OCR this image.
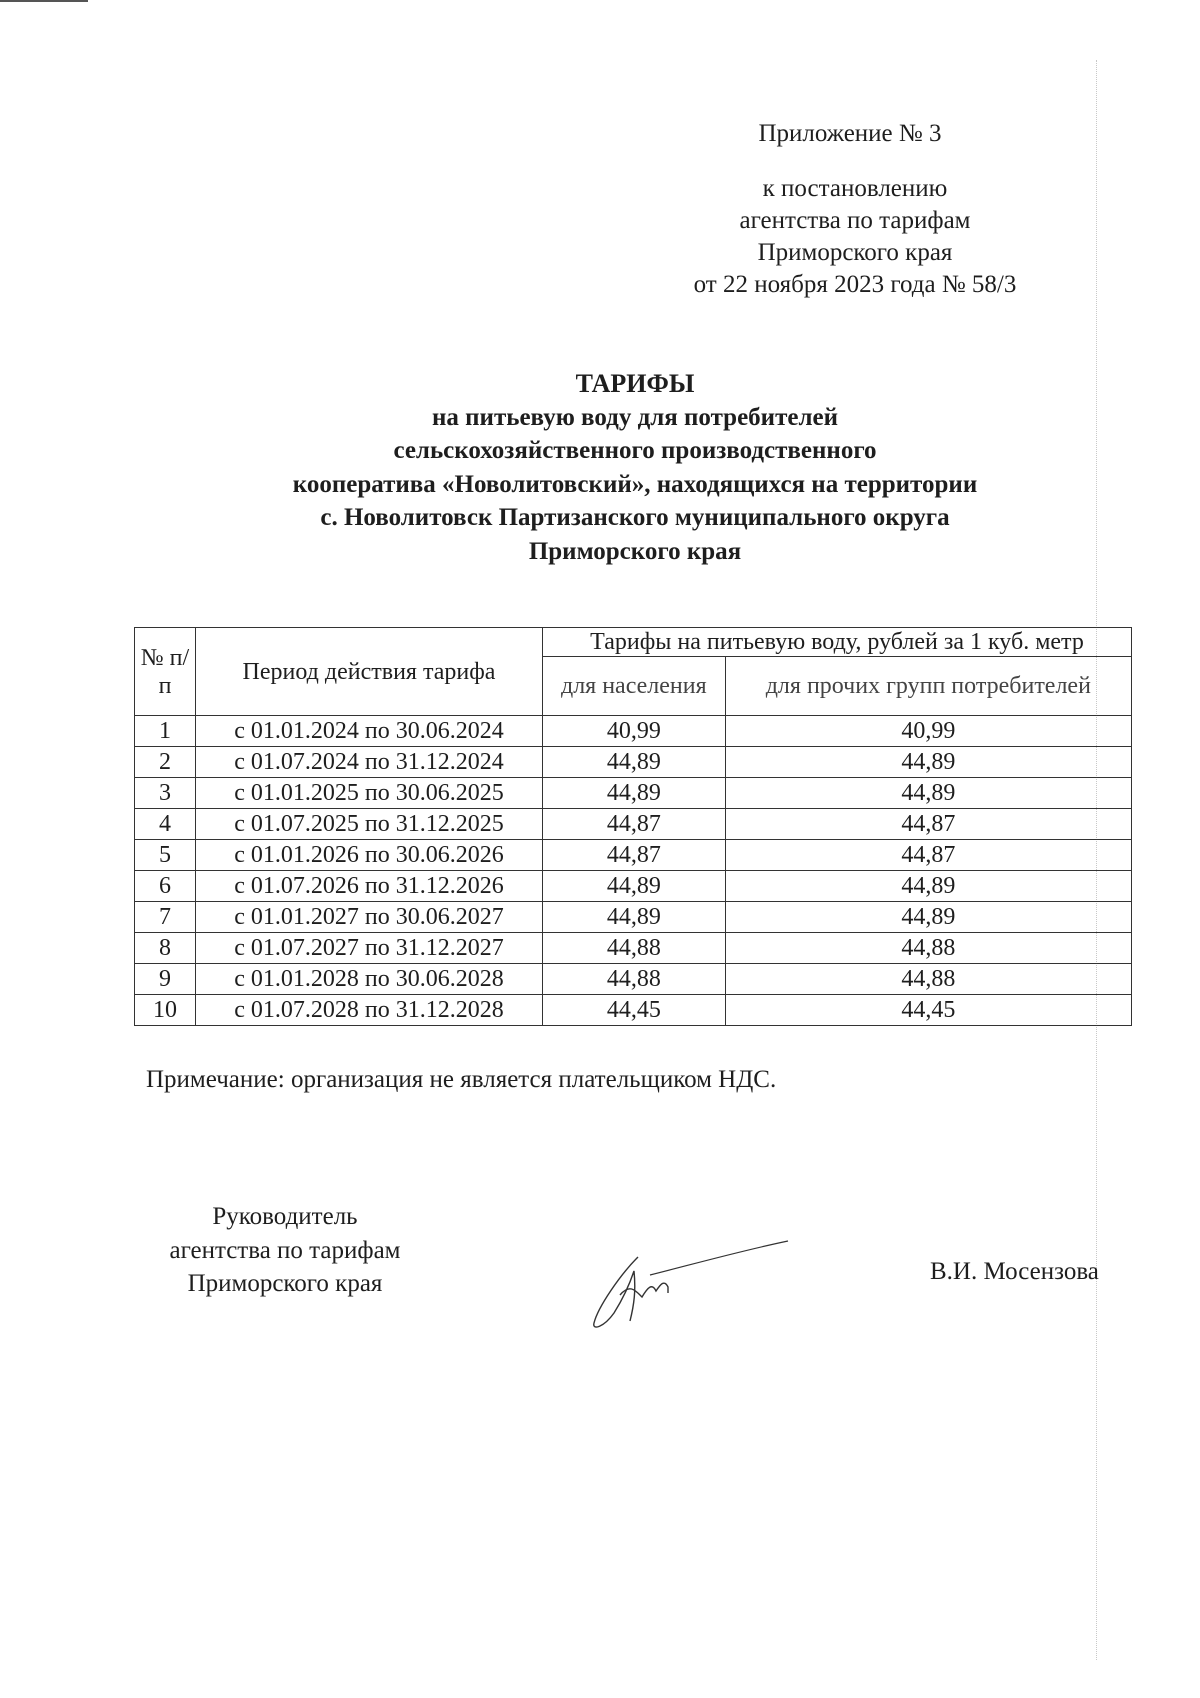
Приложение № 3
к постановлению
агентства по тарифам
Приморского края
от 22 ноября 2023 года № 58/3
ТАРИФЫ
на питьевую воду для потребителей
сельскохозяйственного производственного
кооператива «Новолитовский», находящихся на территории
с. Новолитовск Партизанского муниципального округа
Приморского края
№ п/п	Период действия тарифа	Тарифы на питьевую воду, рублей за 1 куб. метр	
		для населения	для прочих групп потребителей
1	с 01.01.2024 по 30.06.2024	40,99	40,99
2	с 01.07.2024 по 31.12.2024	44,89	44,89
3	с 01.01.2025 по 30.06.2025	44,89	44,89
4	с 01.07.2025 по 31.12.2025	44,87	44,87
5	с 01.01.2026 по 30.06.2026	44,87	44,87
6	с 01.07.2026 по 31.12.2026	44,89	44,89
7	с 01.01.2027 по 30.06.2027	44,89	44,89
8	с 01.07.2027 по 31.12.2027	44,88	44,88
9	с 01.01.2028 по 30.06.2028	44,88	44,88
10	с 01.07.2028 по 31.12.2028	44,45	44,45
Примечание: организация не является плательщиком НДС.
Руководитель
агентства по тарифам
Приморского края	В.И. Мосензова
